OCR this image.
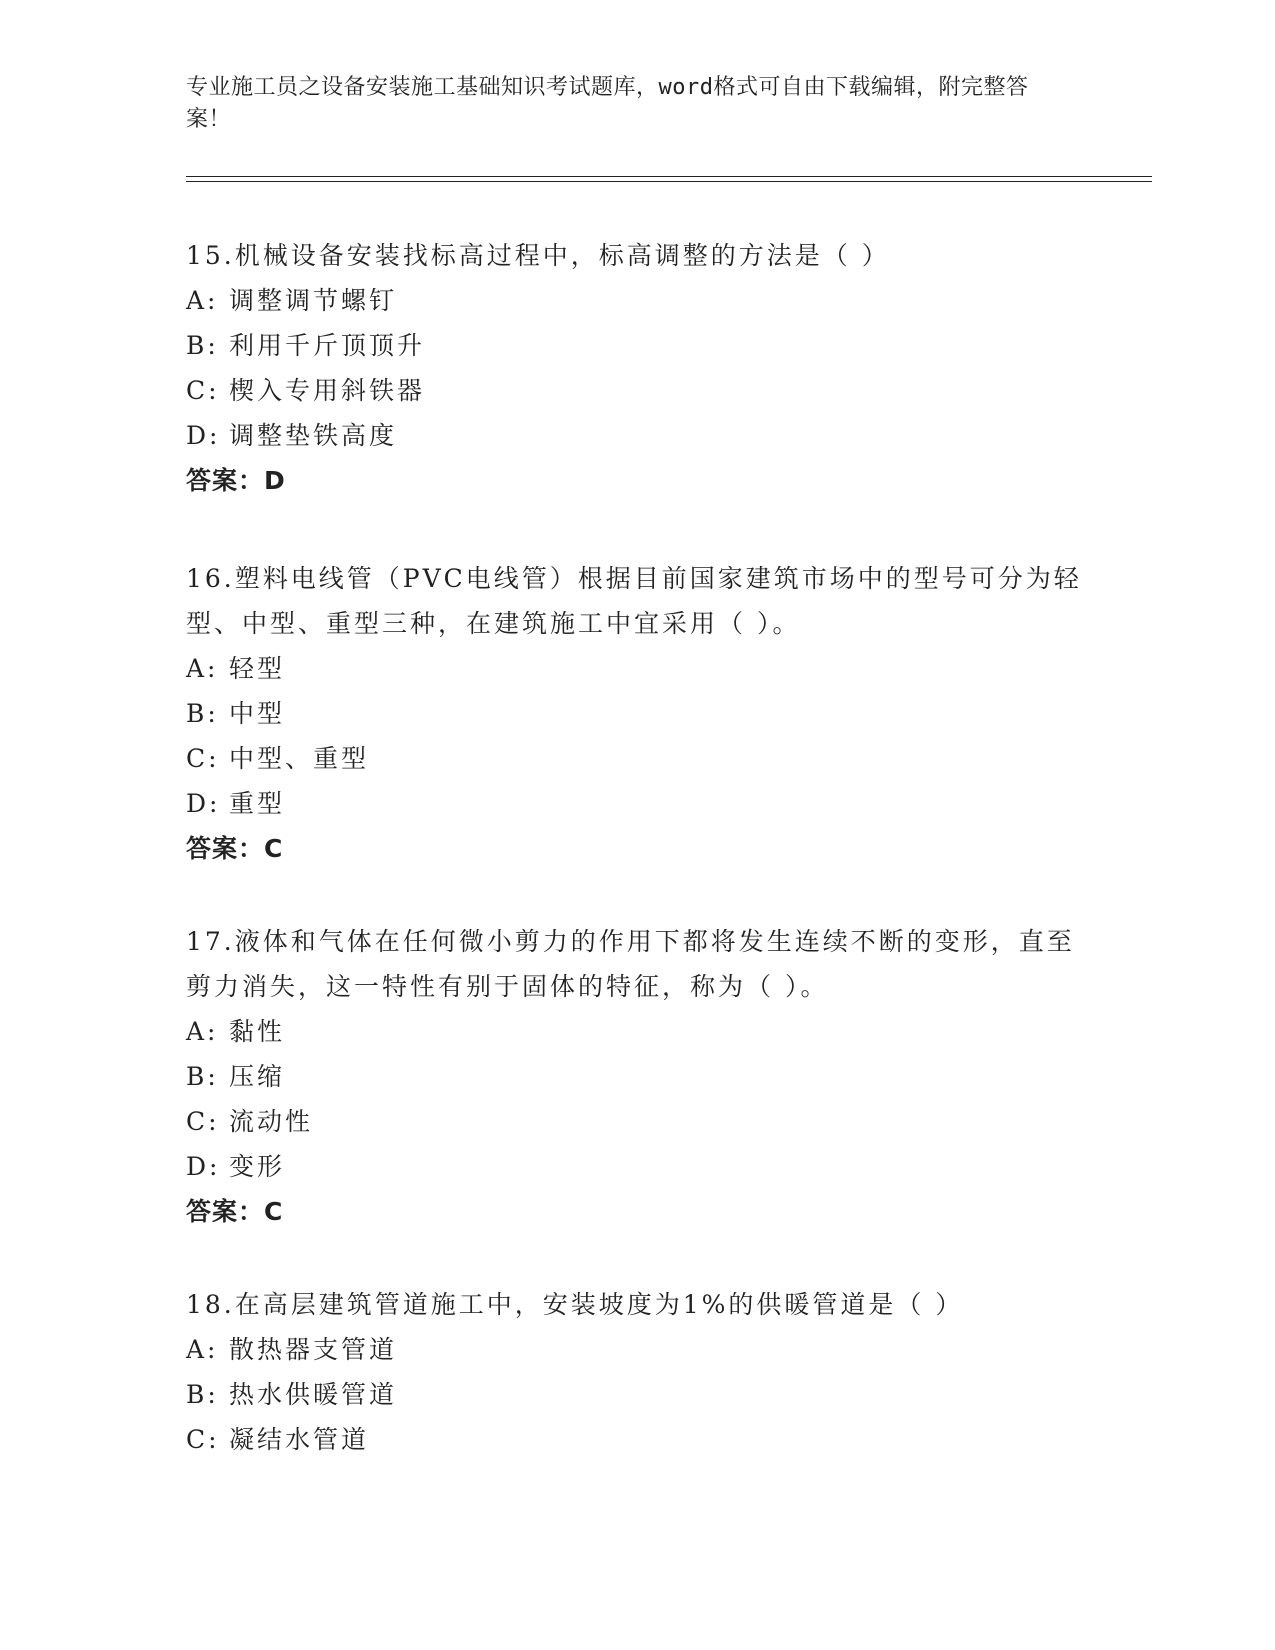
专业施工员之设备安装施工基础知识考试题库，word格式可自由下载编辑，附完整答案！
15.机械设备安装找标高过程中，标高调整的方法是（ ）
A: 调整调节螺钉
B: 利用千斤顶顶升
C: 楔入专用斜铁器
D: 调整垫铁高度
答案：D
16.塑料电线管（PVC电线管）根据目前国家建筑市场中的型号可分为轻型、中型、重型三种，在建筑施工中宜采用（ ）。
A: 轻型
B: 中型
C: 中型、重型
D: 重型
答案：C
17.液体和气体在任何微小剪力的作用下都将发生连续不断的变形，直至剪力消失，这一特性有别于固体的特征，称为（ ）。
A: 黏性
B: 压缩
C: 流动性
D: 变形
答案：C
18.在高层建筑管道施工中，安装坡度为1%的供暖管道是（ ）
A: 散热器支管道
B: 热水供暖管道
C: 凝结水管道
